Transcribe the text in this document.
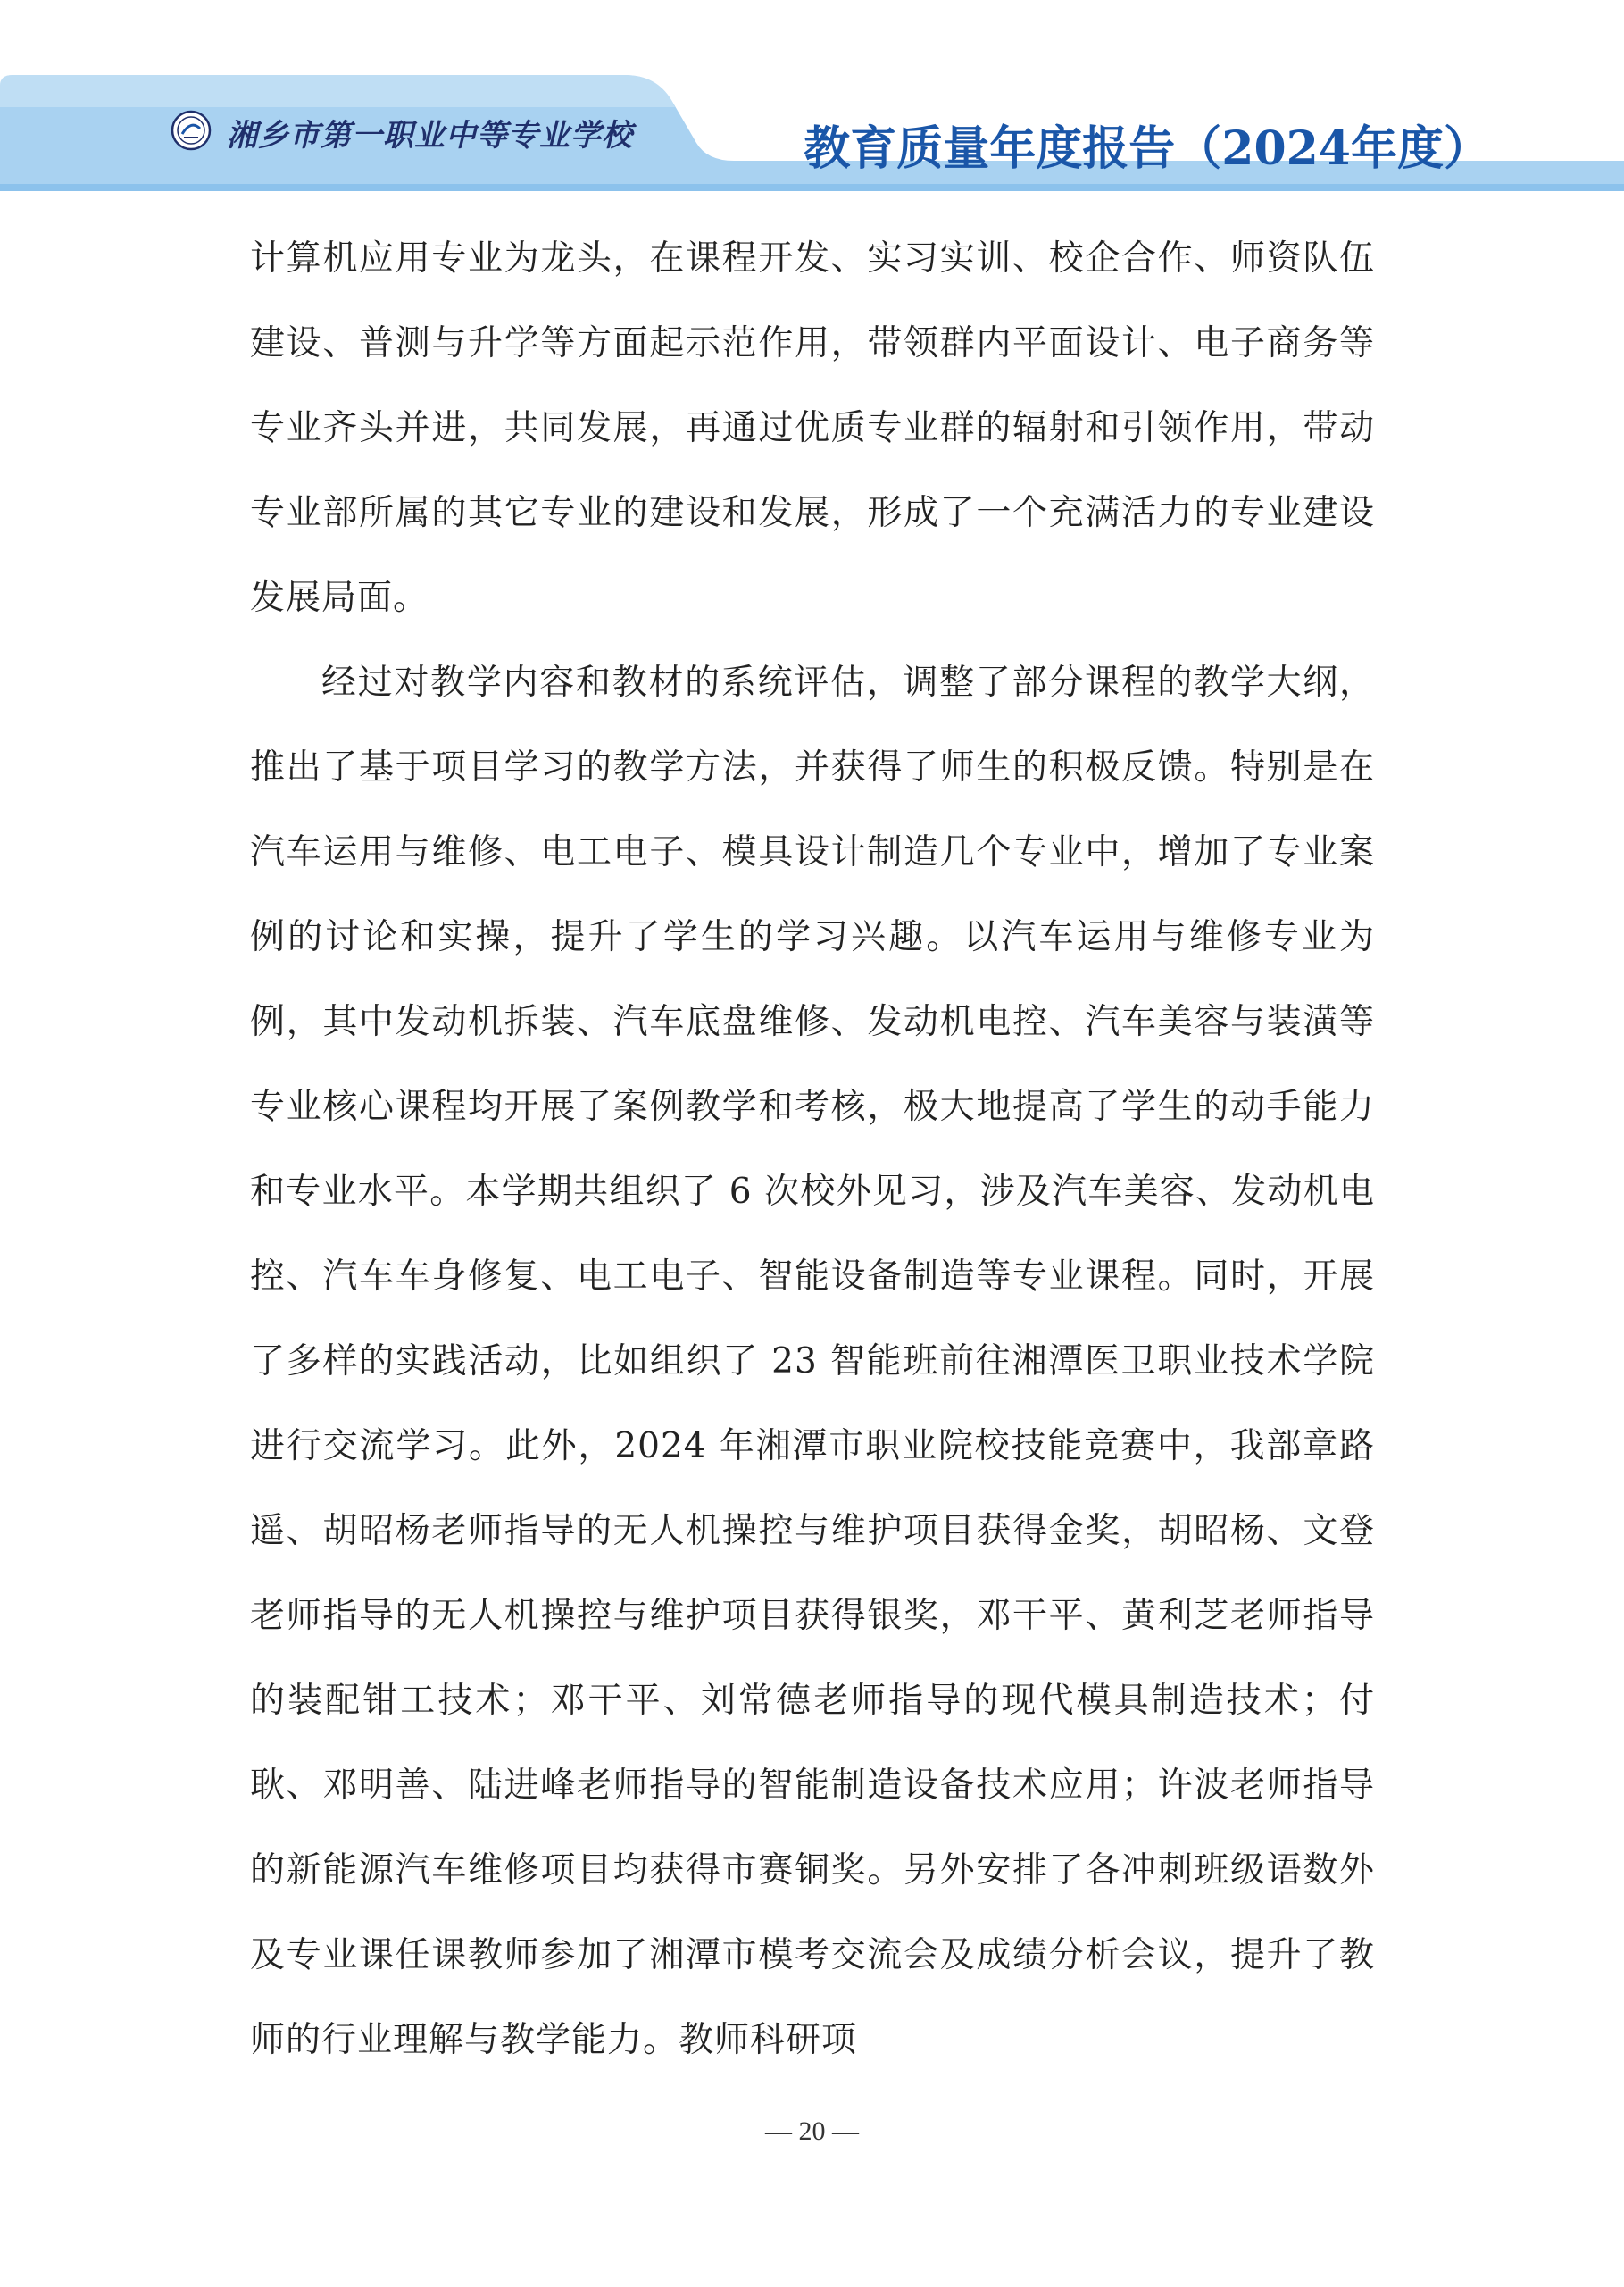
湘乡市第一职业中等专业学校	教育质量年度报告（2024年度）

计算机应用专业为龙头，在课程开发、实习实训、校企合作、师资队伍建设、普测与升学等方面起示范作用，带领群内平面设计、电子商务等专业齐头并进，共同发展，再通过优质专业群的辐射和引领作用，带动专业部所属的其它专业的建设和发展，形成了一个充满活力的专业建设发展局面。

经过对教学内容和教材的系统评估，调整了部分课程的教学大纲，推出了基于项目学习的教学方法，并获得了师生的积极反馈。特别是在汽车运用与维修、电工电子、模具设计制造几个专业中，增加了专业案例的讨论和实操，提升了学生的学习兴趣。以汽车运用与维修专业为例，其中发动机拆装、汽车底盘维修、发动机电控、汽车美容与装潢等专业核心课程均开展了案例教学和考核，极大地提高了学生的动手能力和专业水平。本学期共组织了 6 次校外见习，涉及汽车美容、发动机电控、汽车车身修复、电工电子、智能设备制造等专业课程。同时，开展了多样的实践活动，比如组织了 23 智能班前往湘潭医卫职业技术学院进行交流学习。此外，2024 年湘潭市职业院校技能竞赛中，我部章路遥、胡昭杨老师指导的无人机操控与维护项目获得金奖，胡昭杨、文登老师指导的无人机操控与维护项目获得银奖，邓干平、黄利芝老师指导的装配钳工技术；邓干平、刘常德老师指导的现代模具制造技术；付耿、邓明善、陆进峰老师指导的智能制造设备技术应用；许波老师指导的新能源汽车维修项目均获得市赛铜奖。另外安排了各冲刺班级语数外及专业课任课教师参加了湘潭市模考交流会及成绩分析会议，提升了教师的行业理解与教学能力。教师科研项

— 20 —
